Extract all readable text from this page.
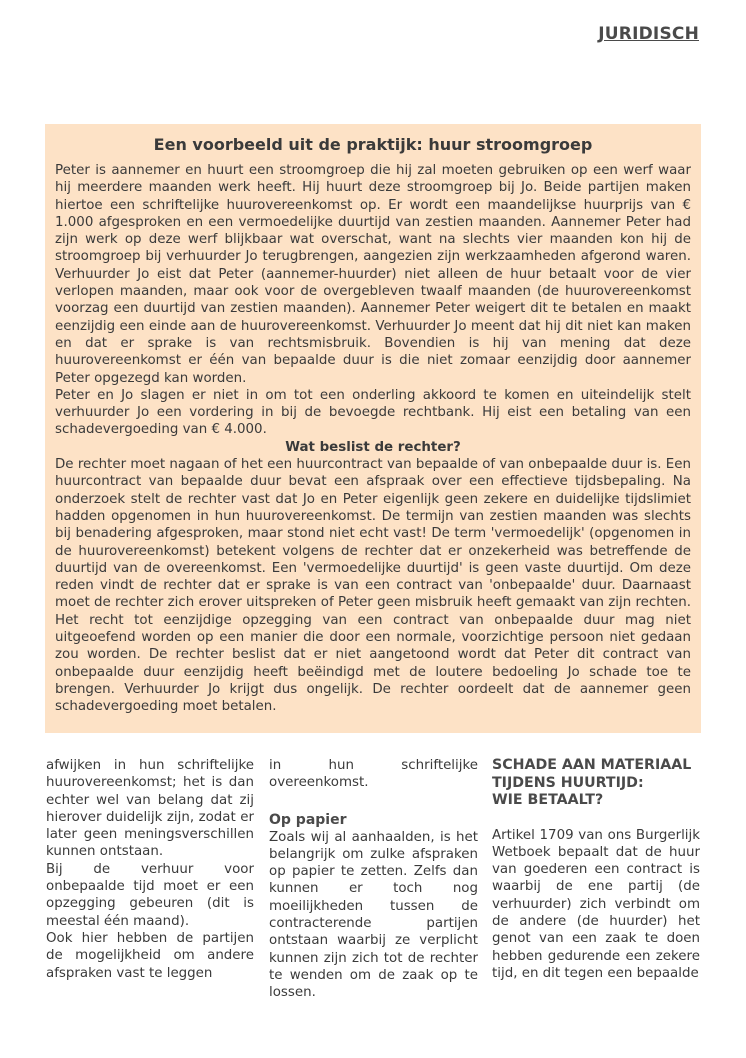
JURIDISCH
Een voorbeeld uit de praktijk: huur stroomgroep

Peter is aannemer en huurt een stroomgroep die hij zal moeten gebruiken op een werf waar hij meerdere maanden werk heeft. Hij huurt deze stroomgroep bij Jo. Beide partijen maken hiertoe een schriftelijke huurovereenkomst op. Er wordt een maandelijkse huurprijs van € 1.000 afgesproken en een vermoedelijke duurtijd van zestien maanden. Aannemer Peter had zijn werk op deze werf blijkbaar wat overschat, want na slechts vier maanden kon hij de stroomgroep bij verhuurder Jo terugbrengen, aangezien zijn werkzaamheden afgerond waren. Verhuurder Jo eist dat Peter (aannemer-huurder) niet alleen de huur betaalt voor de vier verlopen maanden, maar ook voor de overgebleven twaalf maanden (de huurovereenkomst voorzag een duurtijd van zestien maanden). Aannemer Peter weigert dit te betalen en maakt eenzijdig een einde aan de huurovereenkomst. Verhuurder Jo meent dat hij dit niet kan maken en dat er sprake is van rechtsmisbruik. Bovendien is hij van mening dat deze huurovereenkomst er één van bepaalde duur is die niet zomaar eenzijdig door aannemer Peter opgezegd kan worden.

Peter en Jo slagen er niet in om tot een onderling akkoord te komen en uiteindelijk stelt verhuurder Jo een vordering in bij de bevoegde rechtbank. Hij eist een betaling van een schadevergoeding van € 4.000.

Wat beslist de rechter?

De rechter moet nagaan of het een huurcontract van bepaalde of van onbepaalde duur is. Een huurcontract van bepaalde duur bevat een afspraak over een effectieve tijdsbepaling. Na onderzoek stelt de rechter vast dat Jo en Peter eigenlijk geen zekere en duidelijke tijdslimiet hadden opgenomen in hun huurovereenkomst. De termijn van zestien maanden was slechts bij benadering afgesproken, maar stond niet echt vast! De term 'vermoedelijk' (opgenomen in de huurovereenkomst) betekent volgens de rechter dat er onzekerheid was betreffende de duurtijd van de overeenkomst. Een 'vermoedelijke duurtijd' is geen vaste duurtijd. Om deze reden vindt de rechter dat er sprake is van een contract van 'onbepaalde' duur. Daarnaast moet de rechter zich erover uitspreken of Peter geen misbruik heeft gemaakt van zijn rechten. Het recht tot eenzijdige opzegging van een contract van onbepaalde duur mag niet uitgeoefend worden op een manier die door een normale, voorzichtige persoon niet gedaan zou worden. De rechter beslist dat er niet aangetoond wordt dat Peter dit contract van onbepaalde duur eenzijdig heeft beëindigd met de loutere bedoeling Jo schade toe te brengen. Verhuurder Jo krijgt dus ongelijk. De rechter oordeelt dat de aannemer geen schadevergoeding moet betalen.

afwijken in hun schriftelijke huurovereenkomst; het is dan echter wel van belang dat zij hierover duidelijk zijn, zodat er later geen meningsverschillen kunnen ontstaan.

Bij de verhuur voor onbepaalde tijd moet er een opzegging gebeuren (dit is meestal één maand).

Ook hier hebben de partijen de mogelijkheid om andere afspraken vast te leggen

in hun schriftelijke overeenkomst.

Op papier

Zoals wij al aanhaalden, is het belangrijk om zulke afspraken op papier te zetten. Zelfs dan kunnen er toch nog moeilijkheden tussen de contracterende partijen ontstaan waarbij ze verplicht kunnen zijn zich tot de rechter te wenden om de zaak op te lossen.

SCHADE AAN MATERIAAL
TIJDENS HUURTIJD:
WIE BETAALT?

Artikel 1709 van ons Burgerlijk Wetboek bepaalt dat de huur van goederen een contract is waarbij de ene partij (de verhuurder) zich verbindt om de andere (de huurder) het genot van een zaak te doen hebben gedurende een zekere tijd, en dit tegen een bepaalde
